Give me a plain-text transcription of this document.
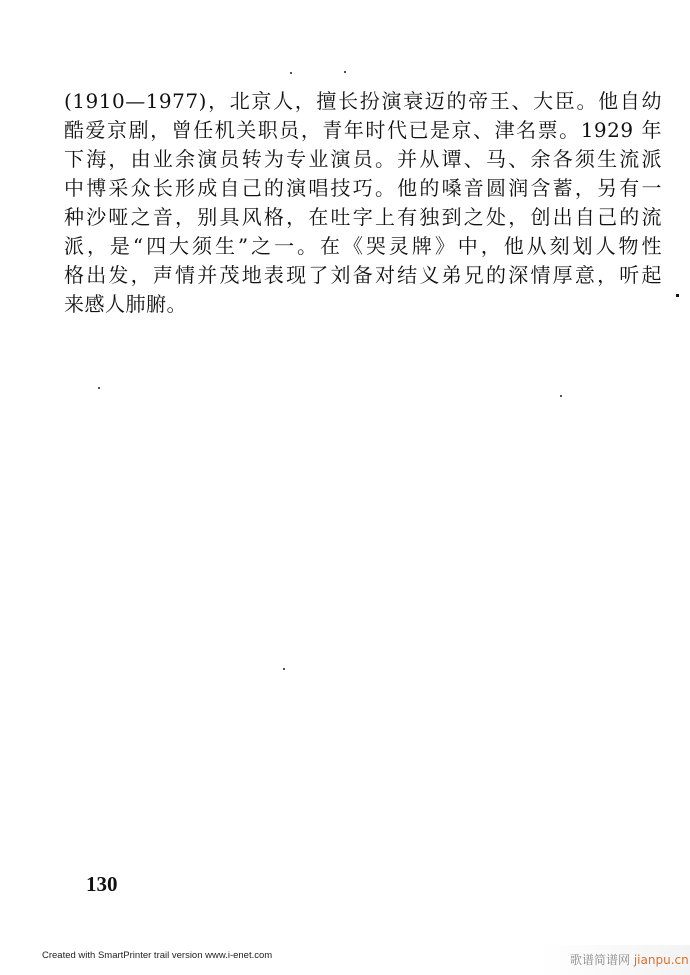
(1910—1977)，北京人，擅长扮演衰迈的帝王、大臣。他自幼
酷爱京剧，曾任机关职员，青年时代已是京、津名票。1929 年
下海，由业余演员转为专业演员。并从谭、马、余各须生流派
中博采众长形成自己的演唱技巧。他的嗓音圆润含蓄，另有一
种沙哑之音，别具风格，在吐字上有独到之处，创出自己的流
派，是“四大须生”之一。在《哭灵牌》中，他从刻划人物性
格出发，声情并茂地表现了刘备对结义弟兄的深情厚意，听起
来感人肺腑。
130
Created with SmartPrinter trail version www.i-enet.com	歌谱简谱网 jianpu.cn
